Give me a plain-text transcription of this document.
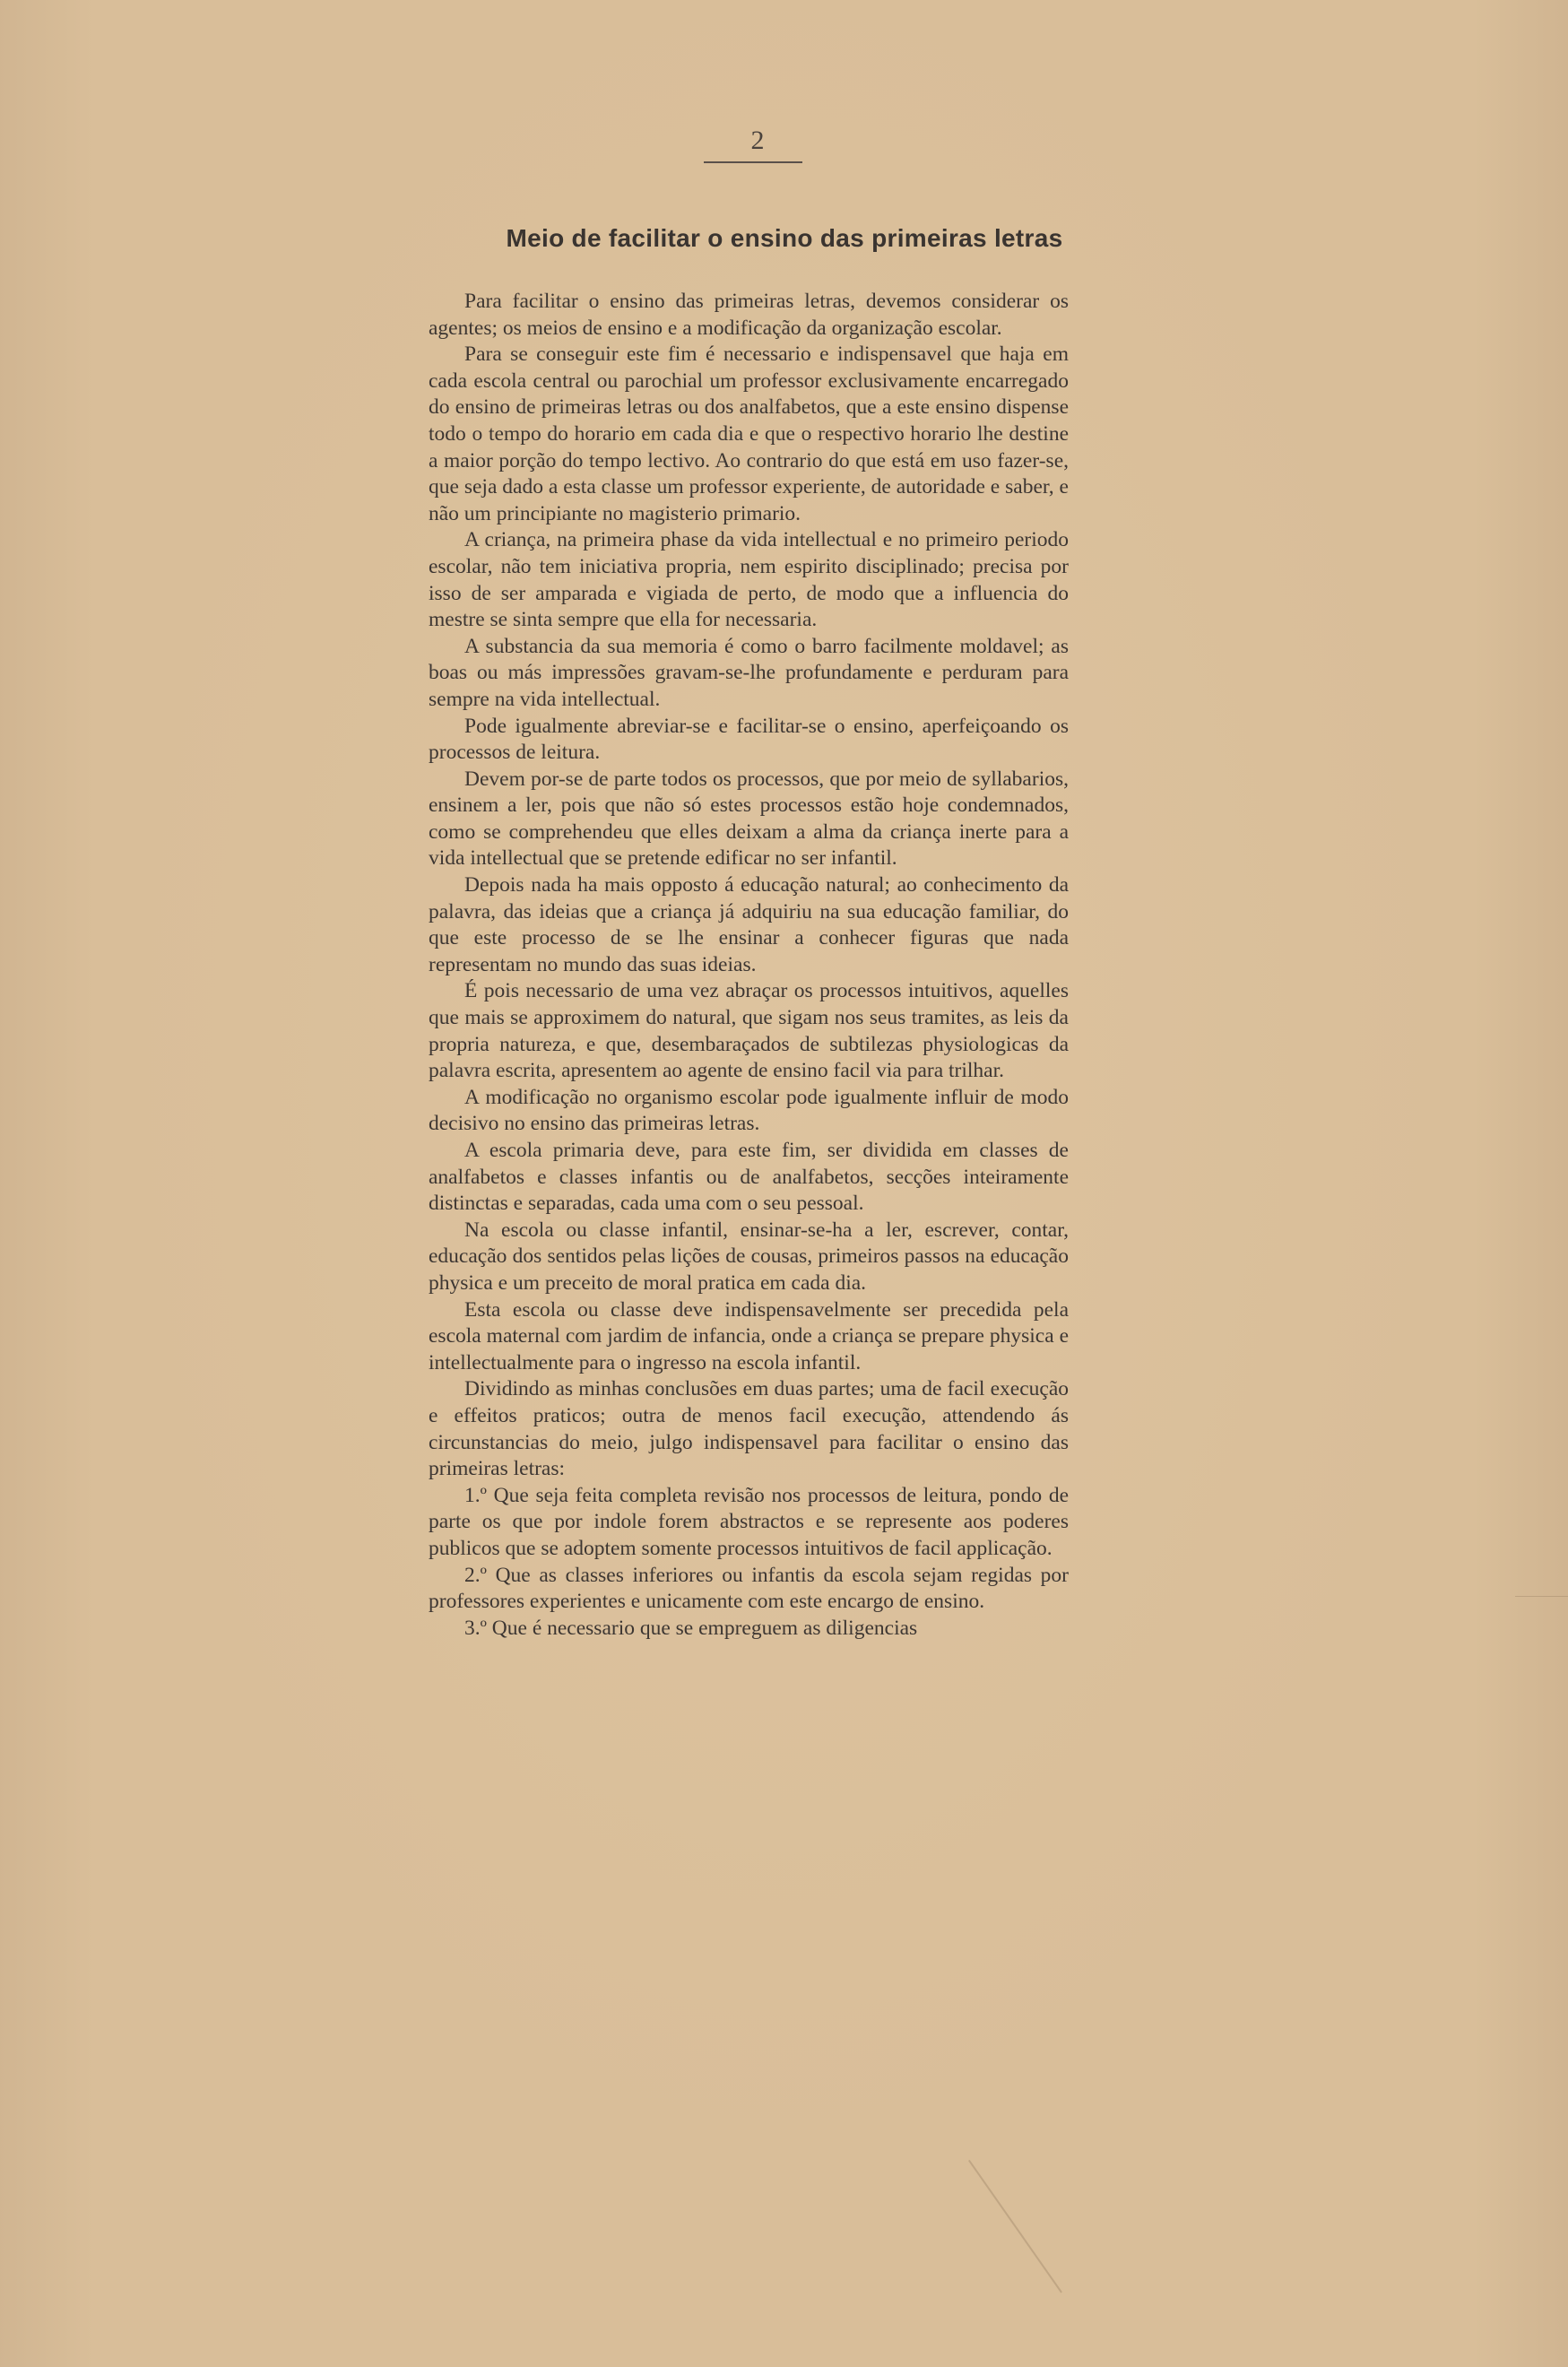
2
Meio de facilitar o ensino das primeiras letras

Para facilitar o ensino das primeiras letras, devemos considerar os agentes; os meios de ensino e a modificação da organização escolar.

Para se conseguir este fim é necessario e indispensavel que haja em cada escola central ou parochial um professor exclusivamente encarregado do ensino de primeiras letras ou dos analfabetos, que a este ensino dispense todo o tempo do horario em cada dia e que o respectivo horario lhe destine a maior porção do tempo lectivo. Ao contrario do que está em uso fazer-se, que seja dado a esta classe um professor experiente, de autoridade e saber, e não um principiante no magisterio primario.

A criança, na primeira phase da vida intellectual e no primeiro periodo escolar, não tem iniciativa propria, nem espirito disciplinado; precisa por isso de ser amparada e vigiada de perto, de modo que a influencia do mestre se sinta sempre que ella for necessaria.

A substancia da sua memoria é como o barro facilmente moldavel; as boas ou más impressões gravam-se-lhe profundamente e perduram para sempre na vida intellectual.

Pode igualmente abreviar-se e facilitar-se o ensino, aperfeiçoando os processos de leitura.

Devem por-se de parte todos os processos, que por meio de syllabarios, ensinem a ler, pois que não só estes processos estão hoje condemnados, como se comprehendeu que elles deixam a alma da criança inerte para a vida intellectual que se pretende edificar no ser infantil.

Depois nada ha mais opposto á educação natural; ao conhecimento da palavra, das ideias que a criança já adquiriu na sua educação familiar, do que este processo de se lhe ensinar a conhecer figuras que nada representam no mundo das suas ideias.

É pois necessario de uma vez abraçar os processos intuitivos, aquelles que mais se approximem do natural, que sigam nos seus tramites, as leis da propria natureza, e que, desembaraçados de subtilezas physiologicas da palavra escrita, apresentem ao agente de ensino facil via para trilhar.

A modificação no organismo escolar pode igualmente influir de modo decisivo no ensino das primeiras letras.

A escola primaria deve, para este fim, ser dividida em classes de analfabetos e classes infantis ou de analfabetos, secções inteiramente distinctas e separadas, cada uma com o seu pessoal.

Na escola ou classe infantil, ensinar-se-ha a ler, escrever, contar, educação dos sentidos pelas lições de cousas, primeiros passos na educação physica e um preceito de moral pratica em cada dia.

Esta escola ou classe deve indispensavelmente ser precedida pela escola maternal com jardim de infancia, onde a criança se prepare physica e intellectualmente para o ingresso na escola infantil.

Dividindo as minhas conclusões em duas partes; uma de facil execução e effeitos praticos; outra de menos facil execução, attendendo ás circunstancias do meio, julgo indispensavel para facilitar o ensino das primeiras letras:

1.º Que seja feita completa revisão nos processos de leitura, pondo de parte os que por indole forem abstractos e se represente aos poderes publicos que se adoptem somente processos intuitivos de facil applicação.

2.º Que as classes inferiores ou infantis da escola sejam regidas por professores experientes e unicamente com este encargo de ensino.

3.º Que é necessario que se empreguem as diligencias
